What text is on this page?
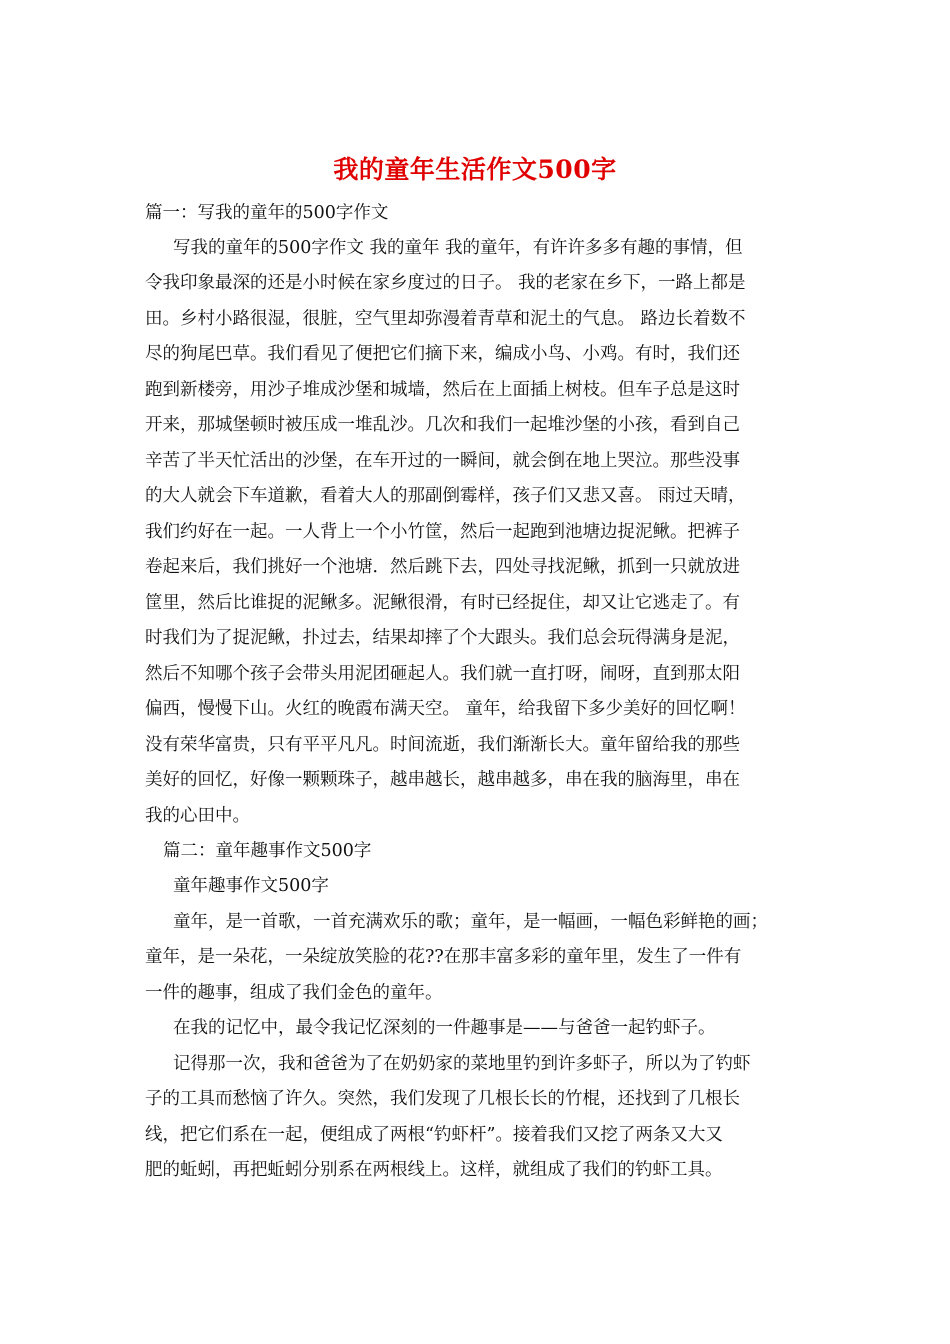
我的童年生活作文500字
篇一：写我的童年的500字作文
写我的童年的500字作文 我的童年 我的童年，有许许多多有趣的事情，但
令我印象最深的还是小时候在家乡度过的日子。 我的老家在乡下，一路上都是
田。乡村小路很湿，很脏，空气里却弥漫着青草和泥土的气息。 路边长着数不
尽的狗尾巴草。我们看见了便把它们摘下来，编成小鸟、小鸡。有时，我们还
跑到新楼旁，用沙子堆成沙堡和城墙，然后在上面插上树枝。但车子总是这时
开来，那城堡顿时被压成一堆乱沙。几次和我们一起堆沙堡的小孩，看到自己
辛苦了半天忙活出的沙堡，在车开过的一瞬间，就会倒在地上哭泣。那些没事
的大人就会下车道歉，看着大人的那副倒霉样，孩子们又悲又喜。 雨过天晴，
我们约好在一起。一人背上一个小竹筐，然后一起跑到池塘边捉泥鳅。把裤子
卷起来后，我们挑好一个池塘．然后跳下去，四处寻找泥鳅，抓到一只就放进
筐里，然后比谁捉的泥鳅多。泥鳅很滑，有时已经捉住，却又让它逃走了。有
时我们为了捉泥鳅，扑过去，结果却摔了个大跟头。我们总会玩得满身是泥，
然后不知哪个孩子会带头用泥团砸起人。我们就一直打呀，闹呀，直到那太阳
偏西，慢慢下山。火红的晚霞布满天空。 童年，给我留下多少美好的回忆啊！
没有荣华富贵，只有平平凡凡。时间流逝，我们渐渐长大。童年留给我的那些
美好的回忆，好像一颗颗珠子，越串越长，越串越多，串在我的脑海里，串在
我的心田中。
篇二：童年趣事作文500字
童年趣事作文500字
童年，是一首歌，一首充满欢乐的歌；童年，是一幅画，一幅色彩鲜艳的画；
童年，是一朵花，一朵绽放笑脸的花??在那丰富多彩的童年里，发生了一件有
一件的趣事，组成了我们金色的童年。
在我的记忆中，最令我记忆深刻的一件趣事是——与爸爸一起钓虾子。
记得那一次，我和爸爸为了在奶奶家的菜地里钓到许多虾子，所以为了钓虾
子的工具而愁恼了许久。突然，我们发现了几根长长的竹棍，还找到了几根长
线，把它们系在一起，便组成了两根“钓虾杆”。接着我们又挖了两条又大又
肥的蚯蚓，再把蚯蚓分别系在两根线上。这样，就组成了我们的钓虾工具。
